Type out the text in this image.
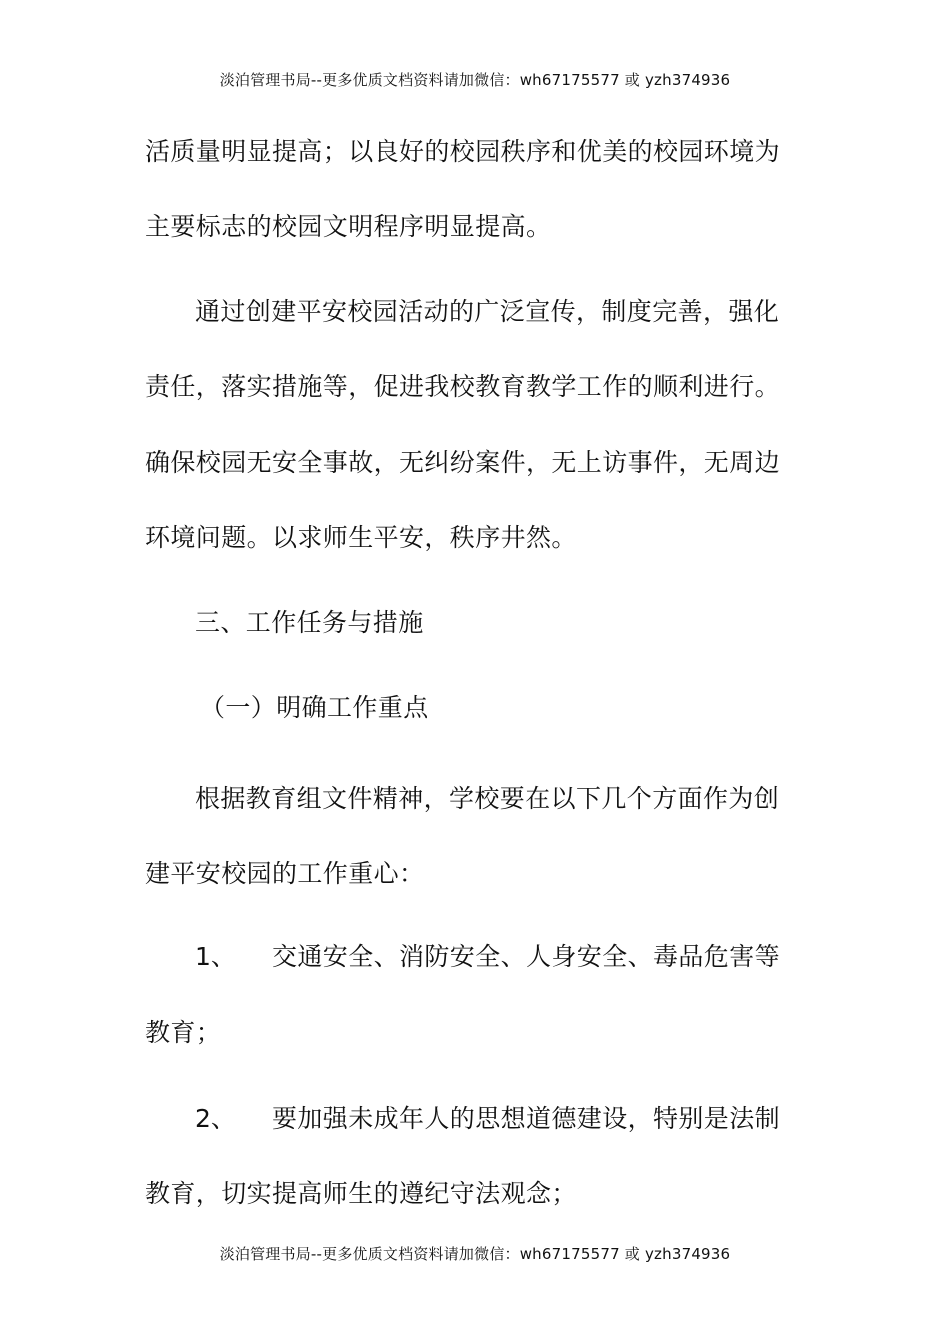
淡泊管理书局--更多优质文档资料请加微信：wh67175577 或 yzh374936
活质量明显提高；以良好的校园秩序和优美的校园环境为
主要标志的校园文明程序明显提高。
通过创建平安校园活动的广泛宣传，制度完善，强化
责任，落实措施等，促进我校教育教学工作的顺利进行。
确保校园无安全事故，无纠纷案件，无上访事件，无周边
环境问题。以求师生平安，秩序井然。
三、工作任务与措施
（一）明确工作重点
根据教育组文件精神，学校要在以下几个方面作为创
建平安校园的工作重心：
1、 交通安全、消防安全、人身安全、毒品危害等
教育；
2、 要加强未成年人的思想道德建设，特别是法制
教育，切实提高师生的遵纪守法观念；
淡泊管理书局--更多优质文档资料请加微信：wh67175577 或 yzh374936
